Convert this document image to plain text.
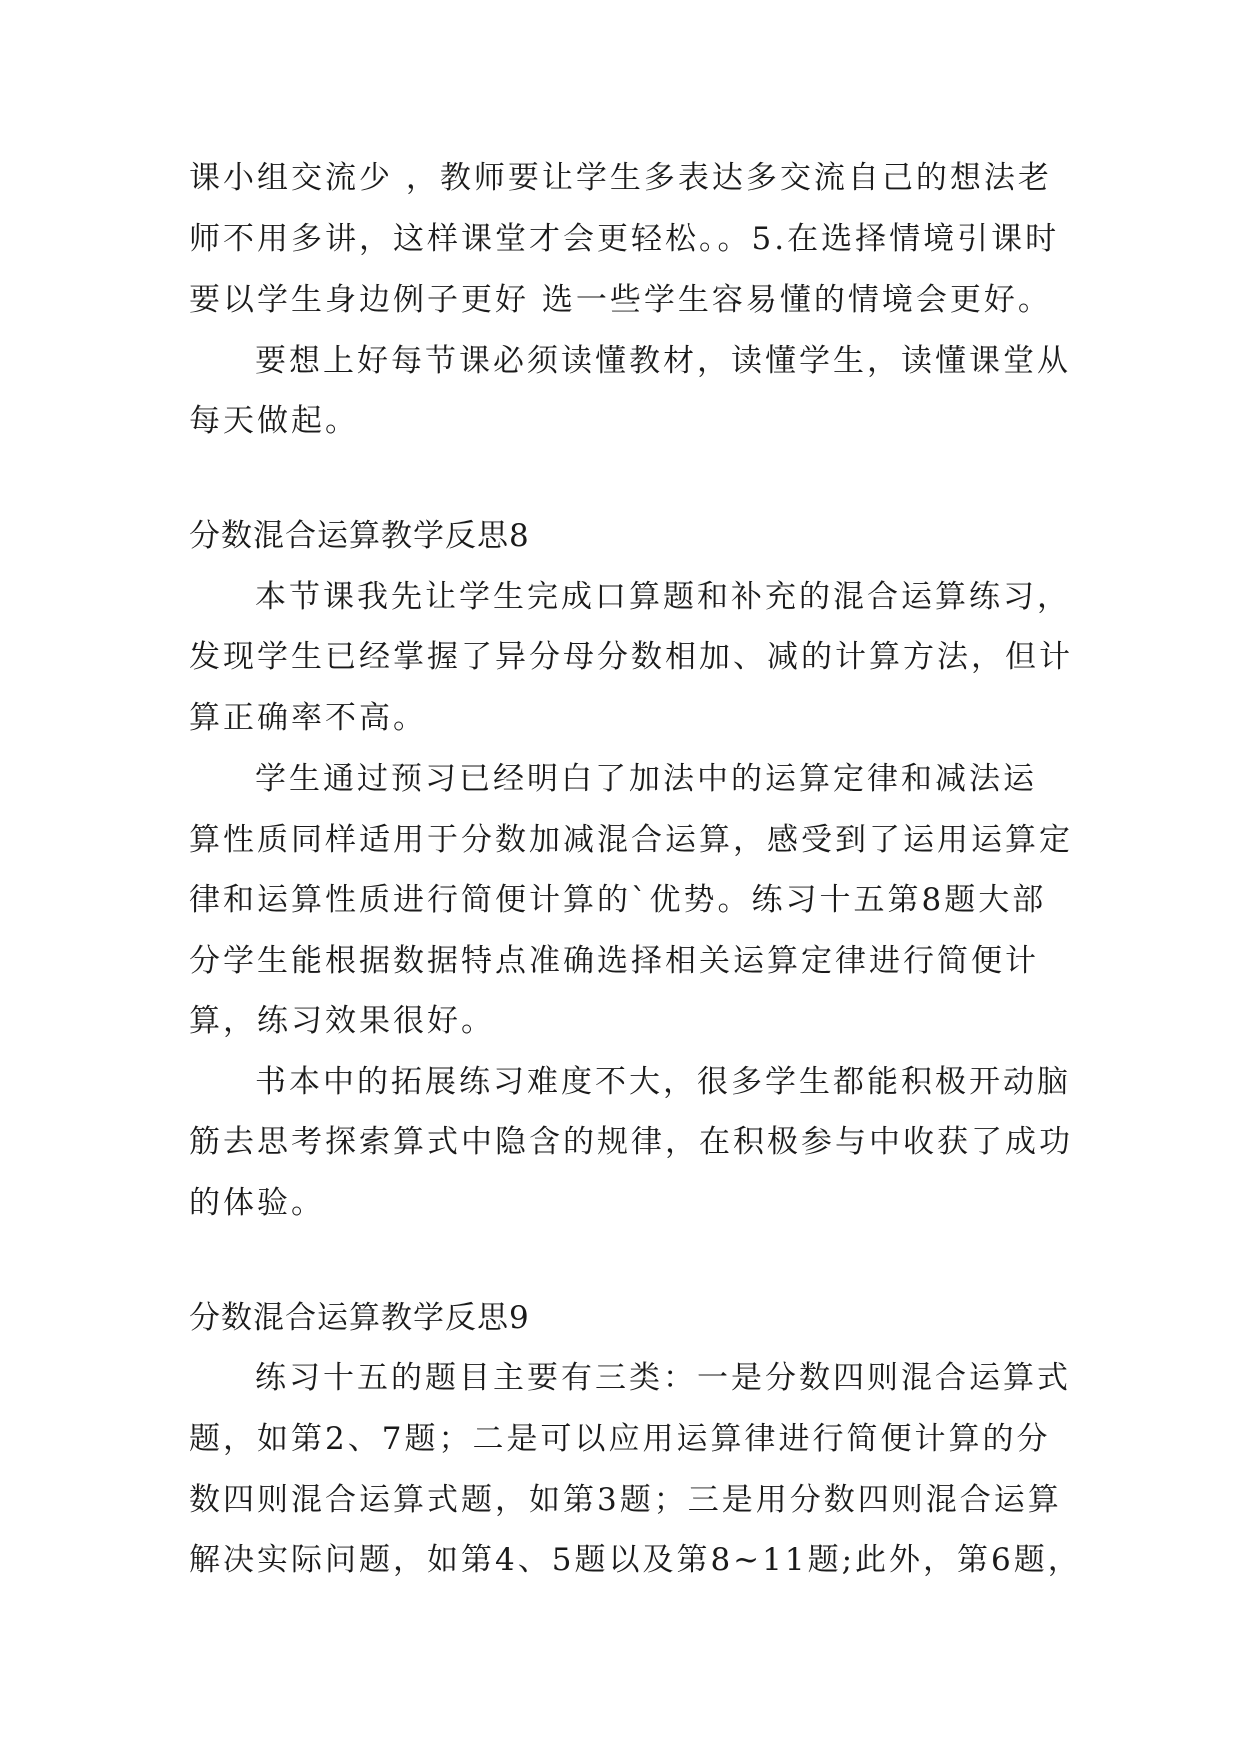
课小组交流少 ，教师要让学生多表达多交流自己的想法老
师不用多讲，这样课堂才会更轻松。。5.在选择情境引课时
要以学生身边例子更好 选一些学生容易懂的情境会更好。
要想上好每节课必须读懂教材，读懂学生，读懂课堂从
每天做起。
分数混合运算教学反思8
本节课我先让学生完成口算题和补充的混合运算练习，
发现学生已经掌握了异分母分数相加、减的计算方法，但计
算正确率不高。
学生通过预习已经明白了加法中的运算定律和减法运
算性质同样适用于分数加减混合运算，感受到了运用运算定
律和运算性质进行简便计算的`优势。练习十五第8题大部
分学生能根据数据特点准确选择相关运算定律进行简便计
算，练习效果很好。
书本中的拓展练习难度不大，很多学生都能积极开动脑
筋去思考探索算式中隐含的规律，在积极参与中收获了成功
的体验。
分数混合运算教学反思9
练习十五的题目主要有三类：一是分数四则混合运算式
题，如第2、7题；二是可以应用运算律进行简便计算的分
数四则混合运算式题，如第3题；三是用分数四则混合运算
解决实际问题，如第4、5题以及第8~11题;此外，第6题，
